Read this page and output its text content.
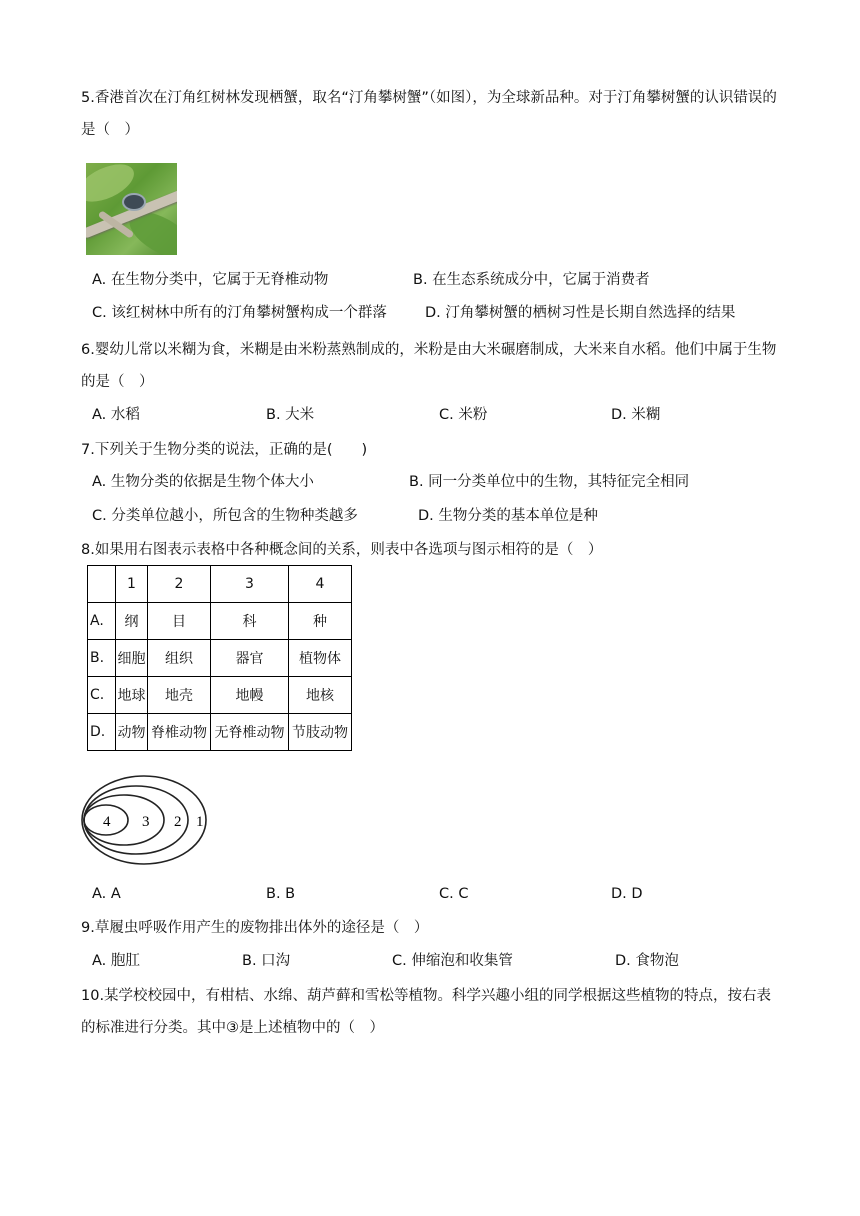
5.香港首次在汀角红树林发现栖蟹，取名“汀角攀树蟹”（如图），为全球新品种。对于汀角攀树蟹的认识错误的是（　）
A. 在生物分类中，它属于无脊椎动物	B. 在生态系统成分中，它属于消费者
C. 该红树林中所有的汀角攀树蟹构成一个群落	D. 汀角攀树蟹的栖树习性是长期自然选择的结果
6.婴幼儿常以米糊为食，米糊是由米粉蒸熟制成的，米粉是由大米碾磨制成，大米来自水稻。他们中属于生物的是（　）
A. 水稻	B. 大米	C. 米粉	D. 米糊
7.下列关于生物分类的说法，正确的是(　　)
A. 生物分类的依据是生物个体大小	B. 同一分类单位中的生物，其特征完全相同
C. 分类单位越小，所包含的生物种类越多	D. 生物分类的基本单位是种
8.如果用右图表示表格中各种概念间的关系，则表中各选项与图示相符的是（　）
	1	2	3	4
A.	纲	目	科	种
B.	细胞	组织	器官	植物体
C.	地球	地壳	地幔	地核
D.	动物	脊椎动物	无脊椎动物	节肢动物
4 3 2 1
A. A	B. B	C. C	D. D
9.草履虫呼吸作用产生的废物排出体外的途径是（　）
A. 胞肛	B. 口沟	C. 伸缩泡和收集管	D. 食物泡
10.某学校校园中，有柑桔、水绵、葫芦藓和雪松等植物。科学兴趣小组的同学根据这些植物的特点，按右表的标准进行分类。其中③是上述植物中的（　）
